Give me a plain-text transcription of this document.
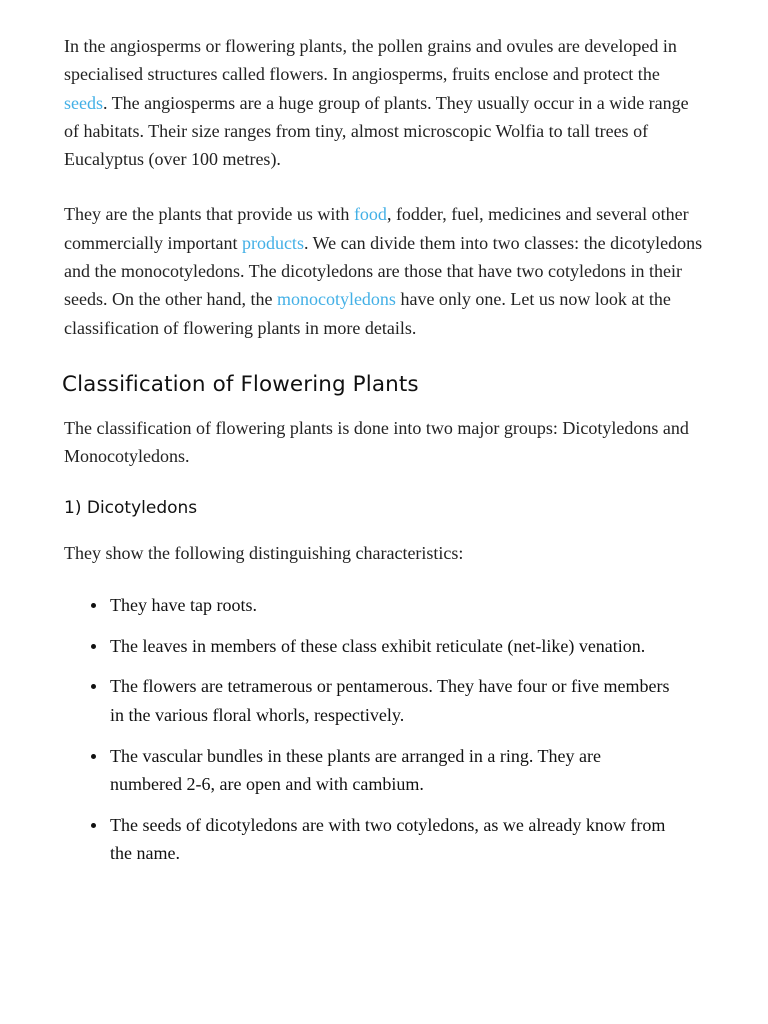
In the angiosperms or flowering plants, the pollen grains and ovules are developed in specialised structures called flowers. In angiosperms, fruits enclose and protect the seeds. The angiosperms are a huge group of plants. They usually occur in a wide range of habitats. Their size ranges from tiny, almost microscopic Wolfia to tall trees of Eucalyptus (over 100 metres).

They are the plants that provide us with food, fodder, fuel, medicines and several other commercially important products. We can divide them into two classes: the dicotyledons and the monocotyledons. The dicotyledons are those that have two cotyledons in their seeds. On the other hand, the monocotyledons have only one. Let us now look at the classification of flowering plants in more details.

Classification of Flowering Plants

The classification of flowering plants is done into two major groups: Dicotyledons and Monocotyledons.

1) Dicotyledons

They show the following distinguishing characteristics:

They have tap roots.
The leaves in members of these class exhibit reticulate (net-like) venation.
The flowers are tetramerous or pentamerous. They have four or five members in the various floral whorls, respectively.
The vascular bundles in these plants are arranged in a ring. They are numbered 2-6, are open and with cambium.
The seeds of dicotyledons are with two cotyledons, as we already know from the name.
